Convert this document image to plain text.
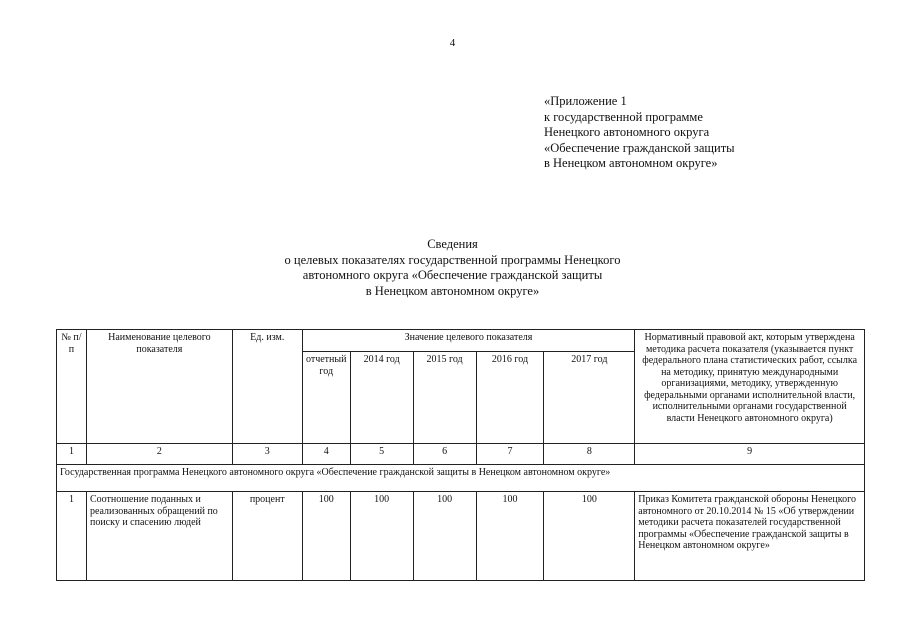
4
«Приложение 1
к государственной программе
Ненецкого автономного округа
«Обеспечение гражданской защиты
в Ненецком автономном округе»
Сведения
о целевых показателях государственной программы Ненецкого
автономного округа «Обеспечение гражданской защиты
в Ненецком автономном округе»
№ п/п	Наименование целевого показателя	Ед. изм.	Значение целевого показателя					Нормативный правовой акт, которым утверждена методика расчета показателя (указывается пункт федерального плана статистических работ, ссылка на методику, принятую международными организациями, методику, утвержденную федеральными органами исполнительной власти, исполнительными органами государственной власти Ненецкого автономного округа)
			отчетный год	2014 год	2015 год	2016 год	2017 год	
1	2	3	4	5	6	7	8	9
Государственная программа Ненецкого автономного округа «Обеспечение гражданской защиты в Ненецком автономном округе»								
1	Соотношение поданных и реализованных обращений по поиску и спасению людей	процент	100	100	100	100	100	Приказ Комитета гражданской обороны Ненецкого автономного от 20.10.2014 № 15 «Об утверждении методики расчета показателей государственной программы «Обеспечение гражданской защиты в Ненецком автономном округе»
